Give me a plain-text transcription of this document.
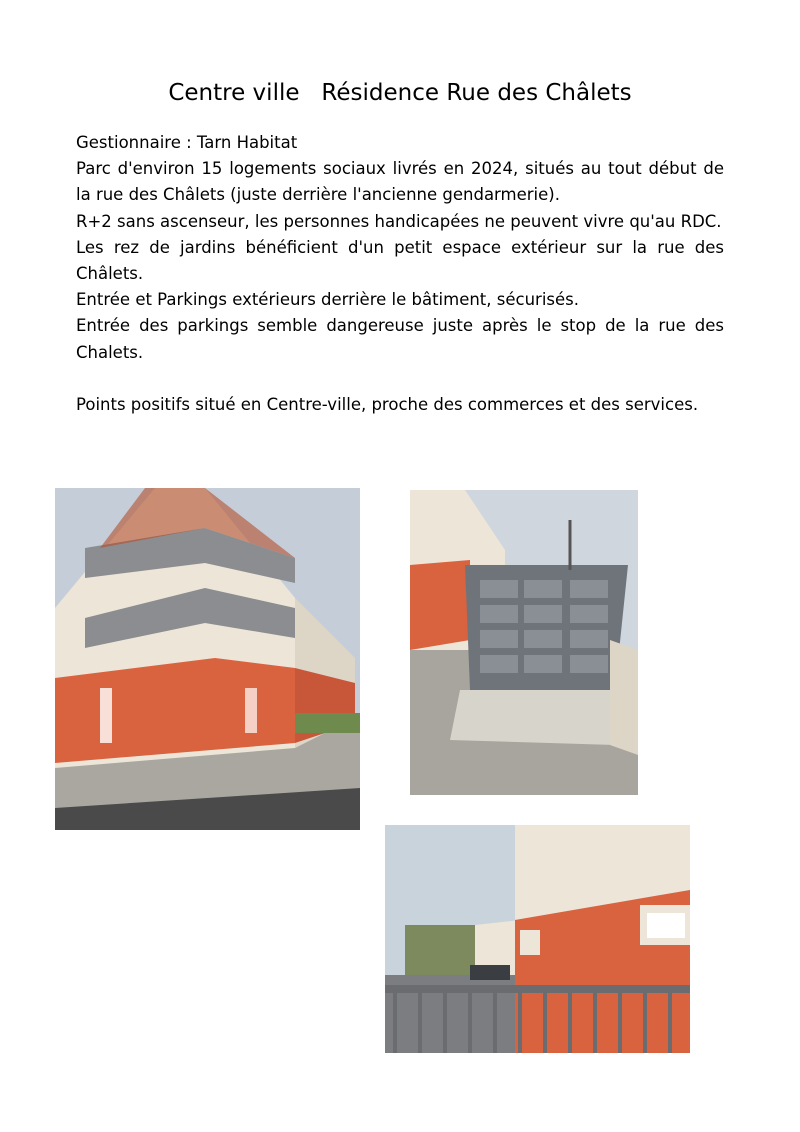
Centre ville   Résidence Rue des Châlets

Gestionnaire : Tarn Habitat

Parc d'environ 15 logements sociaux livrés en 2024, situés au tout début de la rue des Châlets (juste derrière l'ancienne gendarmerie).

R+2 sans ascenseur, les personnes handicapées ne peuvent vivre qu'au RDC.

Les rez de jardins bénéficient d'un petit espace extérieur sur la rue des Châlets.

Entrée et Parkings extérieurs derrière le bâtiment, sécurisés.

Entrée des parkings semble dangereuse juste après le stop de la rue des Chalets.

Points positifs situé en Centre-ville, proche des commerces et des services.
